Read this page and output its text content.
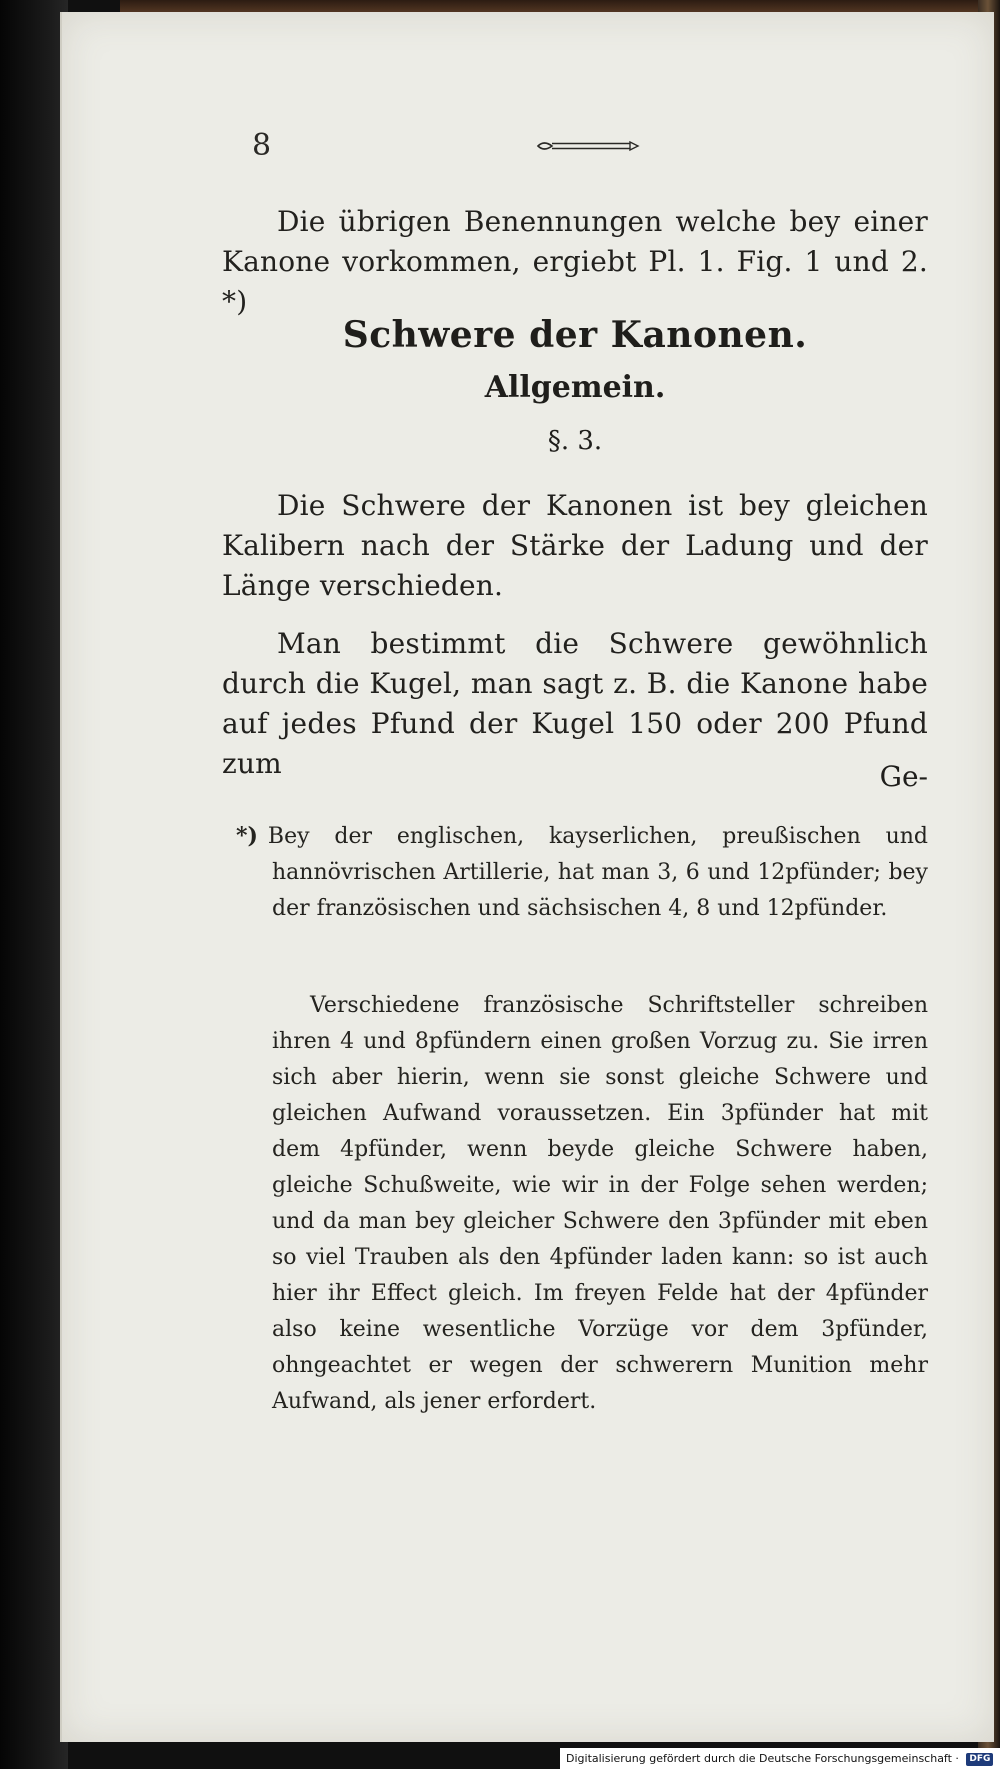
8

Die übrigen Benennungen welche bey einer Kanone vorkommen, ergiebt Pl. 1. Fig. 1 und 2. *)

Schwere der Kanonen.
Allgemein.
§. 3.

Die Schwere der Kanonen ist bey gleichen Kalibern nach der Stärke der Ladung und der Länge verschieden.

Man bestimmt die Schwere gewöhnlich durch die Kugel, man sagt z. B. die Kanone habe auf jedes Pfund der Kugel 150 oder 200 Pfund zum	Ge-

*) Bey der englischen, kayserlichen, preußischen und hannövrischen Artillerie, hat man 3, 6 und 12pfünder; bey der französischen und sächsischen 4, 8 und 12pfünder.

Verschiedene französische Schriftsteller schreiben ihren 4 und 8pfündern einen großen Vorzug zu. Sie irren sich aber hierin, wenn sie sonst gleiche Schwere und gleichen Aufwand voraussetzen. Ein 3pfünder hat mit dem 4pfünder, wenn beyde gleiche Schwere haben, gleiche Schußweite, wie wir in der Folge sehen werden; und da man bey gleicher Schwere den 3pfünder mit eben so viel Trauben als den 4pfünder laden kann: so ist auch hier ihr Effect gleich. Im freyen Felde hat der 4pfünder also keine wesentliche Vorzüge vor dem 3pfünder, ohngeachtet er wegen der schwerern Munition mehr Aufwand, als jener erfordert.

Digitalisierung gefördert durch die Deutsche Forschungsgemeinschaft · DFG
